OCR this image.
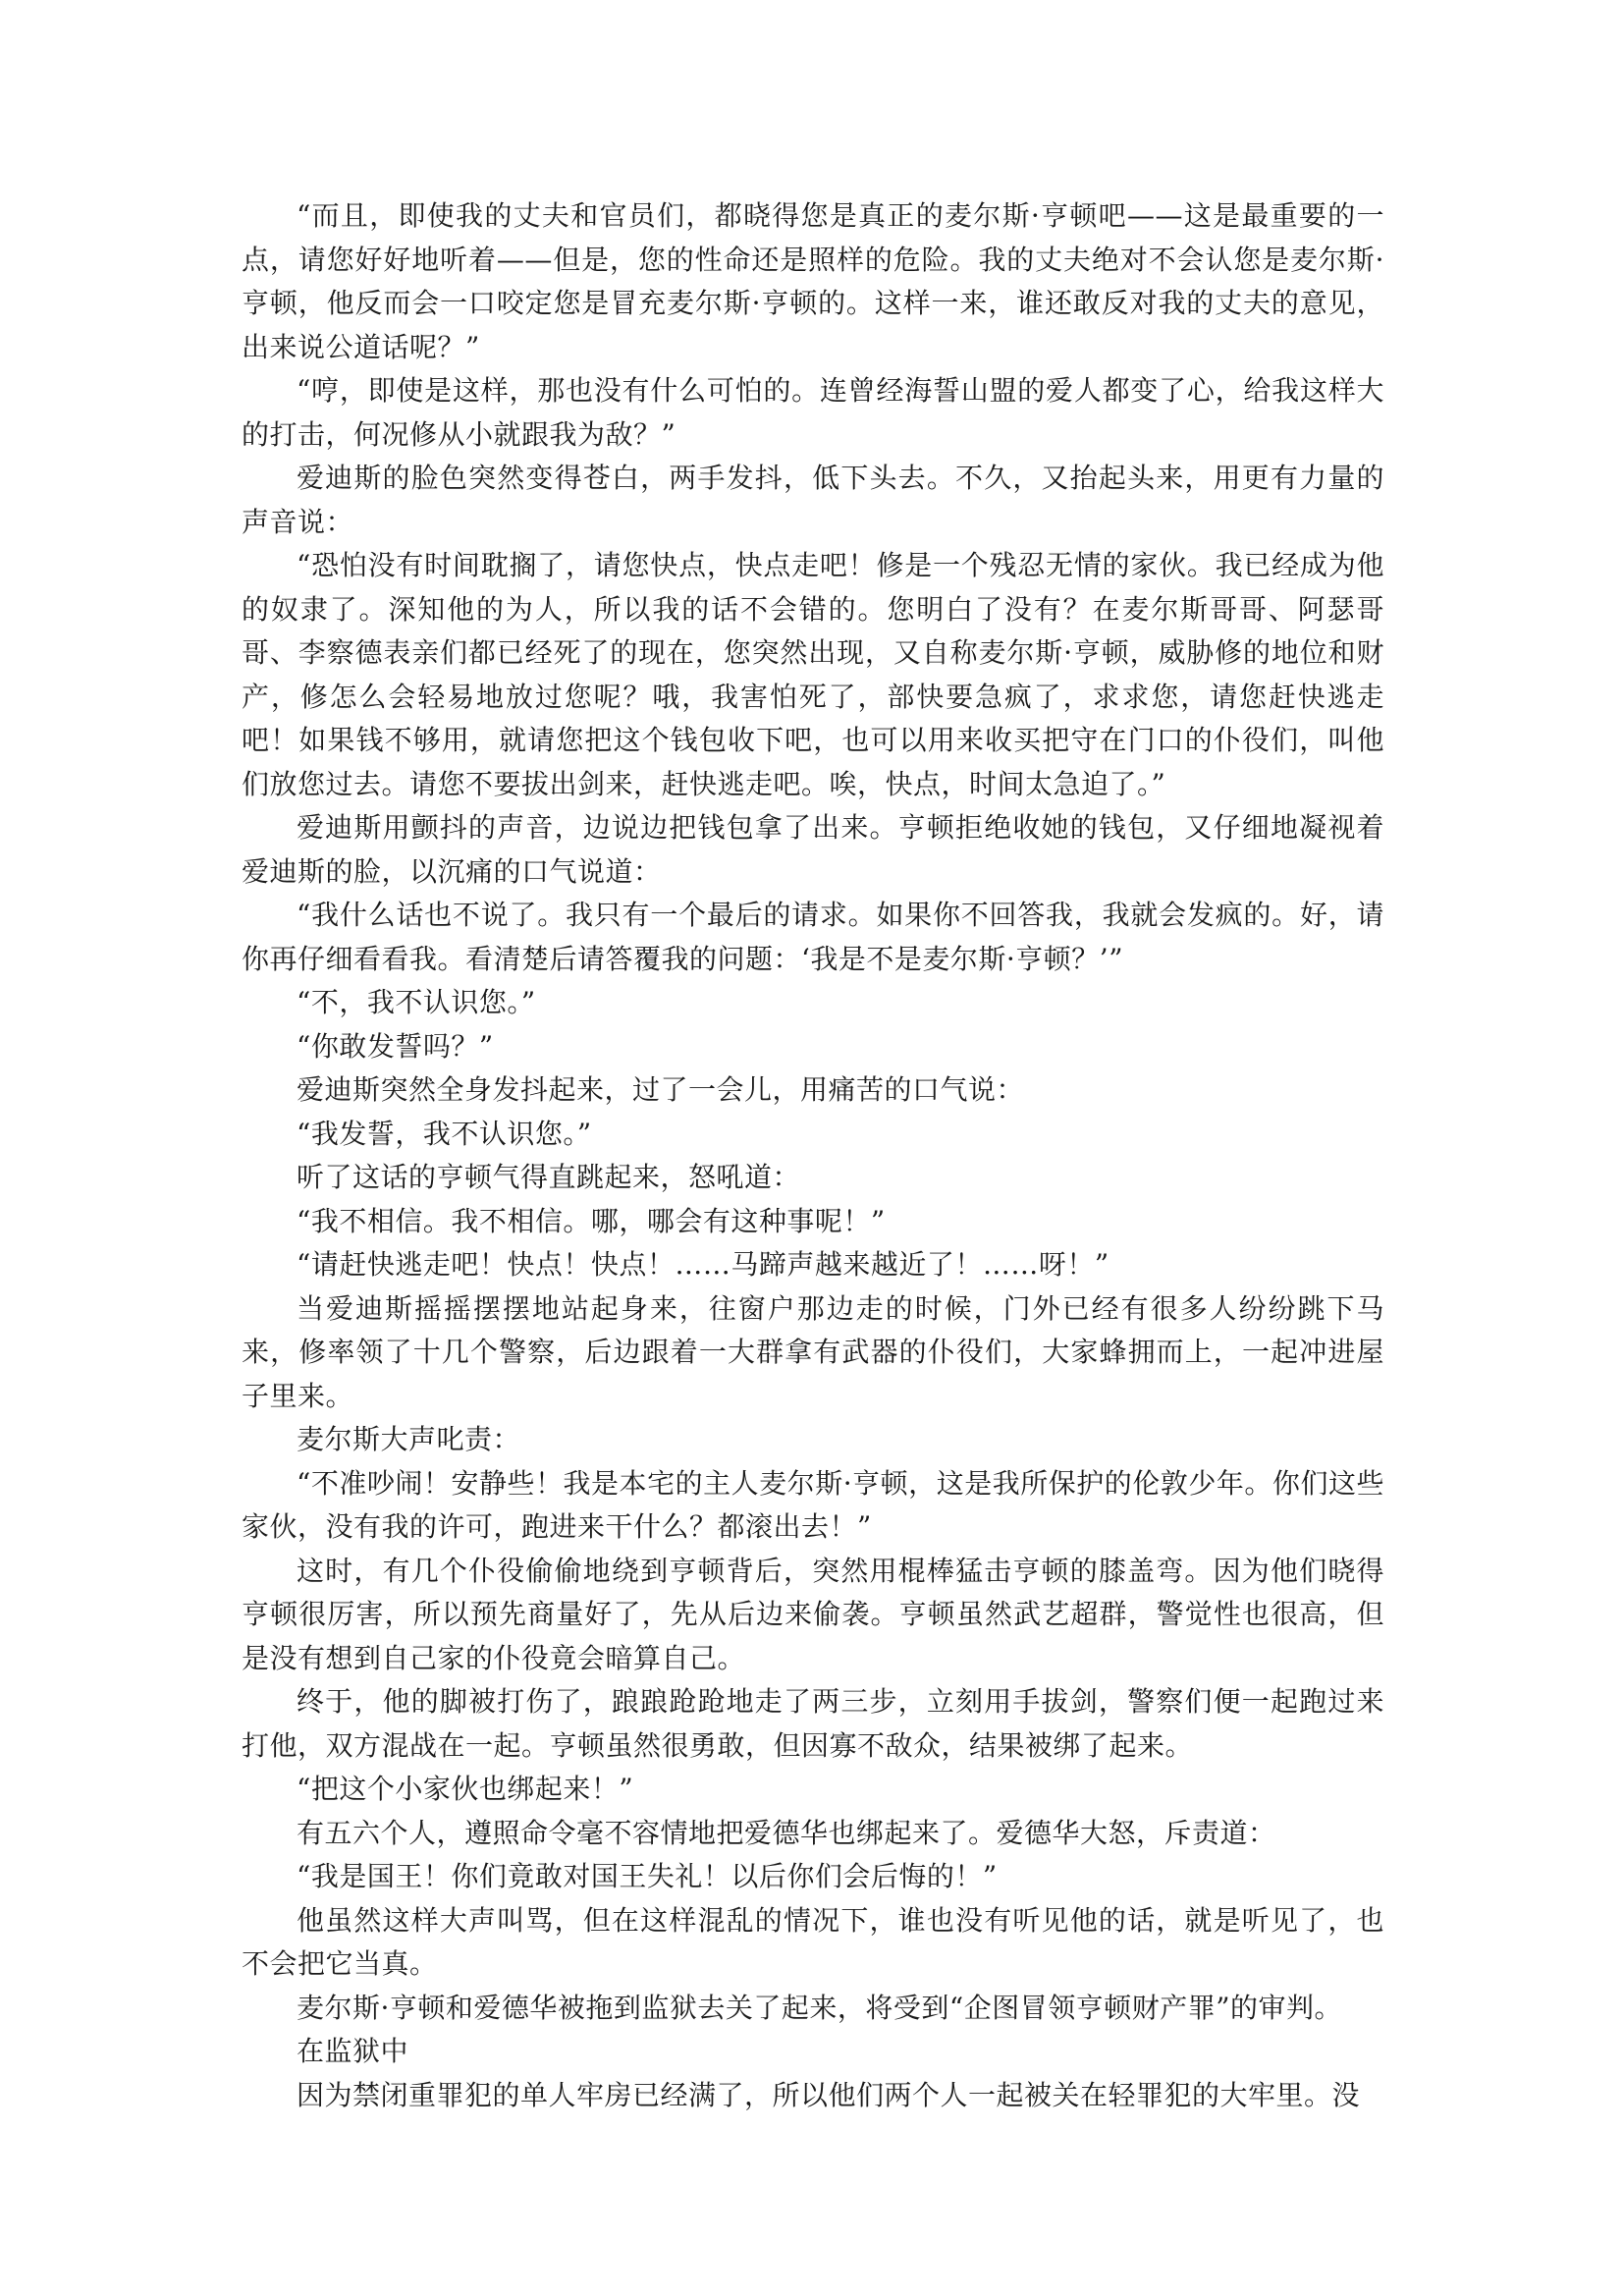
“而且，即使我的丈夫和官员们，都晓得您是真正的麦尔斯·亨顿吧——这是最重要的一点，请您好好地听着——但是，您的性命还是照样的危险。我的丈夫绝对不会认您是麦尔斯·亨顿，他反而会一口咬定您是冒充麦尔斯·亨顿的。这样一来，谁还敢反对我的丈夫的意见，出来说公道话呢？”

“哼，即使是这样，那也没有什么可怕的。连曾经海誓山盟的爱人都变了心，给我这样大的打击，何况修从小就跟我为敌？”

爱迪斯的脸色突然变得苍白，两手发抖，低下头去。不久，又抬起头来，用更有力量的声音说：

“恐怕没有时间耽搁了，请您快点，快点走吧！修是一个残忍无情的家伙。我已经成为他的奴隶了。深知他的为人，所以我的话不会错的。您明白了没有？在麦尔斯哥哥、阿瑟哥哥、李察德表亲们都已经死了的现在，您突然出现，又自称麦尔斯·亨顿，威胁修的地位和财产，修怎么会轻易地放过您呢？哦，我害怕死了，部快要急疯了，求求您，请您赶快逃走吧！如果钱不够用，就请您把这个钱包收下吧，也可以用来收买把守在门口的仆役们，叫他们放您过去。请您不要拔出剑来，赶快逃走吧。唉，快点，时间太急迫了。”

爱迪斯用颤抖的声音，边说边把钱包拿了出来。亨顿拒绝收她的钱包，又仔细地凝视着爱迪斯的脸，以沉痛的口气说道：

“我什么话也不说了。我只有一个最后的请求。如果你不回答我，我就会发疯的。好，请你再仔细看看我。看清楚后请答覆我的问题：‘我是不是麦尔斯·亨顿？’”

“不，我不认识您。”

“你敢发誓吗？”

爱迪斯突然全身发抖起来，过了一会儿，用痛苦的口气说：

“我发誓，我不认识您。”

听了这话的亨顿气得直跳起来，怒吼道：

“我不相信。我不相信。哪，哪会有这种事呢！”

“请赶快逃走吧！快点！快点！……马蹄声越来越近了！……呀！”

当爱迪斯摇摇摆摆地站起身来，往窗户那边走的时候，门外已经有很多人纷纷跳下马来，修率领了十几个警察，后边跟着一大群拿有武器的仆役们，大家蜂拥而上，一起冲进屋子里来。

麦尔斯大声叱责：

“不准吵闹！安静些！我是本宅的主人麦尔斯·亨顿，这是我所保护的伦敦少年。你们这些家伙，没有我的许可，跑进来干什么？都滚出去！”

这时，有几个仆役偷偷地绕到亨顿背后，突然用棍棒猛击亨顿的膝盖弯。因为他们晓得亨顿很厉害，所以预先商量好了，先从后边来偷袭。亨顿虽然武艺超群，警觉性也很高，但是没有想到自己家的仆役竟会暗算自己。

终于，他的脚被打伤了，踉踉跄跄地走了两三步，立刻用手拔剑，警察们便一起跑过来打他，双方混战在一起。亨顿虽然很勇敢，但因寡不敌众，结果被绑了起来。

“把这个小家伙也绑起来！”

有五六个人，遵照命令毫不容情地把爱德华也绑起来了。爱德华大怒，斥责道：

“我是国王！你们竟敢对国王失礼！以后你们会后悔的！”

他虽然这样大声叫骂，但在这样混乱的情况下，谁也没有听见他的话，就是听见了，也不会把它当真。

麦尔斯·亨顿和爱德华被拖到监狱去关了起来，将受到“企图冒领亨顿财产罪”的审判。

在监狱中

因为禁闭重罪犯的单人牢房已经满了，所以他们两个人一起被关在轻罪犯的大牢里。没
